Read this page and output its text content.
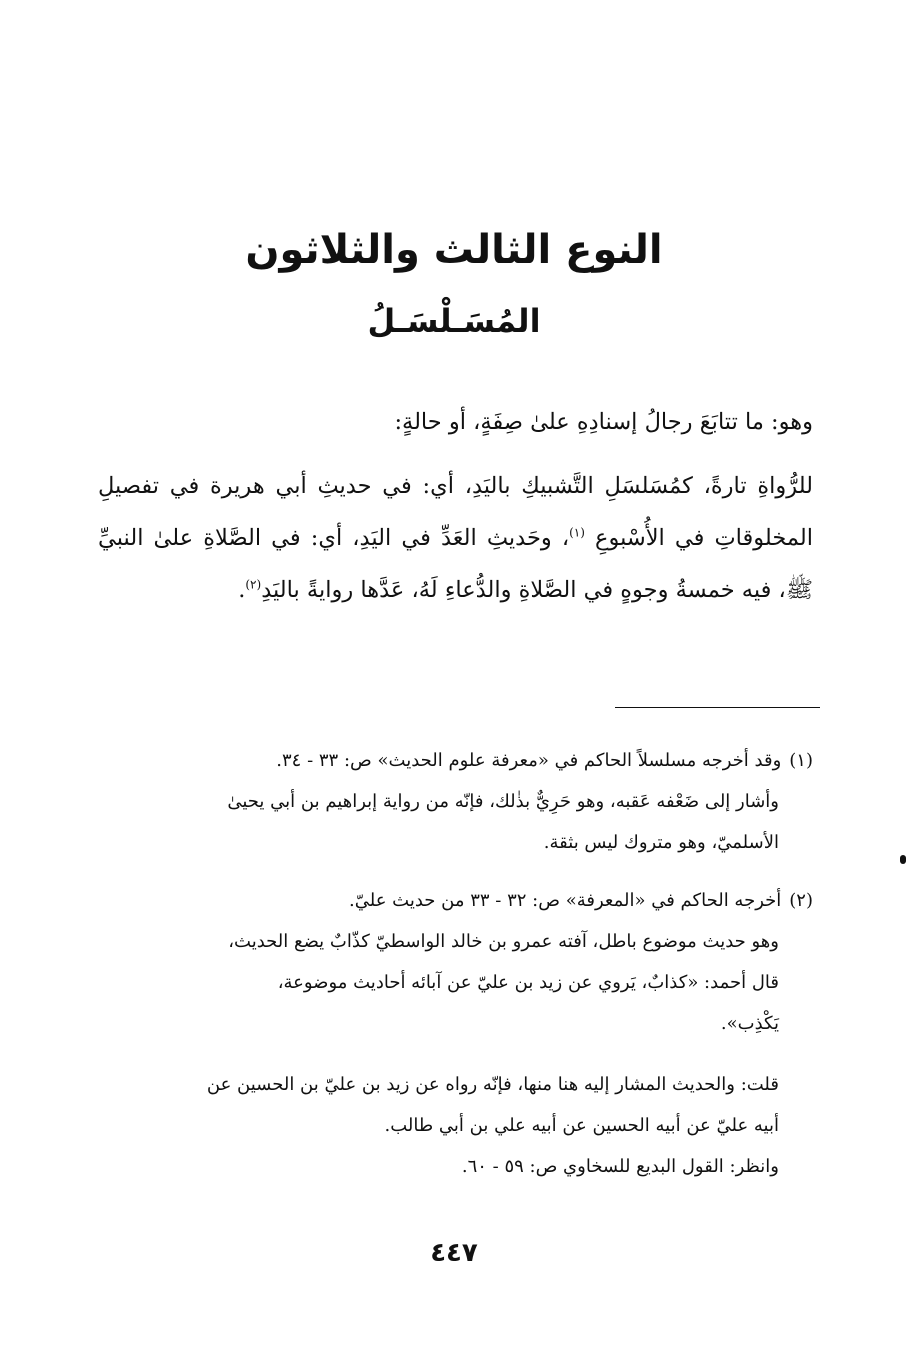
النوع الثالث والثلاثون
المُسَـلْسَـلُ

وهو: ما تتابَعَ رجالُ إسنادِهِ علىٰ صِفَةٍ، أو حالةٍ:

للرُّواةِ تارةً، كمُسَلسَلِ التَّشبيكِ باليَدِ، أي: في حديثِ أبي هريرة في تفصيلِ المخلوقاتِ في الأُسْبوعِ $^{(١)}$، وحَديثِ العَدِّ في اليَدِ، أي: في الصَّلاةِ علىٰ النبيِّ ﷺ، فيه خمسةُ وجوهٍ في الصَّلاةِ والدُّعاءِ لَهُ، عَدَّها روايةً باليَدِ$^{(٢)}$.

(١)وقد أخرجه مسلسلاً الحاكم في «معرفة علوم الحديث» ص: ٣٣ - ٣٤.
وأشار إلى ضَعْفه عَقبه، وهو حَرِيٌّ بذٰلك، فإنّه من رواية إبراهيم بن أبي يحيىٰ
الأسلميّ، وهو متروك ليس بثقة.
(٢)أخرجه الحاكم في «المعرفة» ص: ٣٢ - ٣٣ من حديث عليّ.
وهو حديث موضوع باطل، آفته عمرو بن خالد الواسطيّ كذّابٌ يضع الحديث،
قال أحمد: «كذابٌ، يَروي عن زيد بن عليّ عن آبائه أحاديث موضوعة،
يَكْذِب».
قلت: والحديث المشار إليه هنا منها، فإنّه رواه عن زيد بن عليّ بن الحسين عن
أبيه عليّ عن أبيه الحسين عن أبيه علي بن أبي طالب.
وانظر: القول البديع للسخاوي ص: ٥٩ - ٦٠.
٤٤٧
